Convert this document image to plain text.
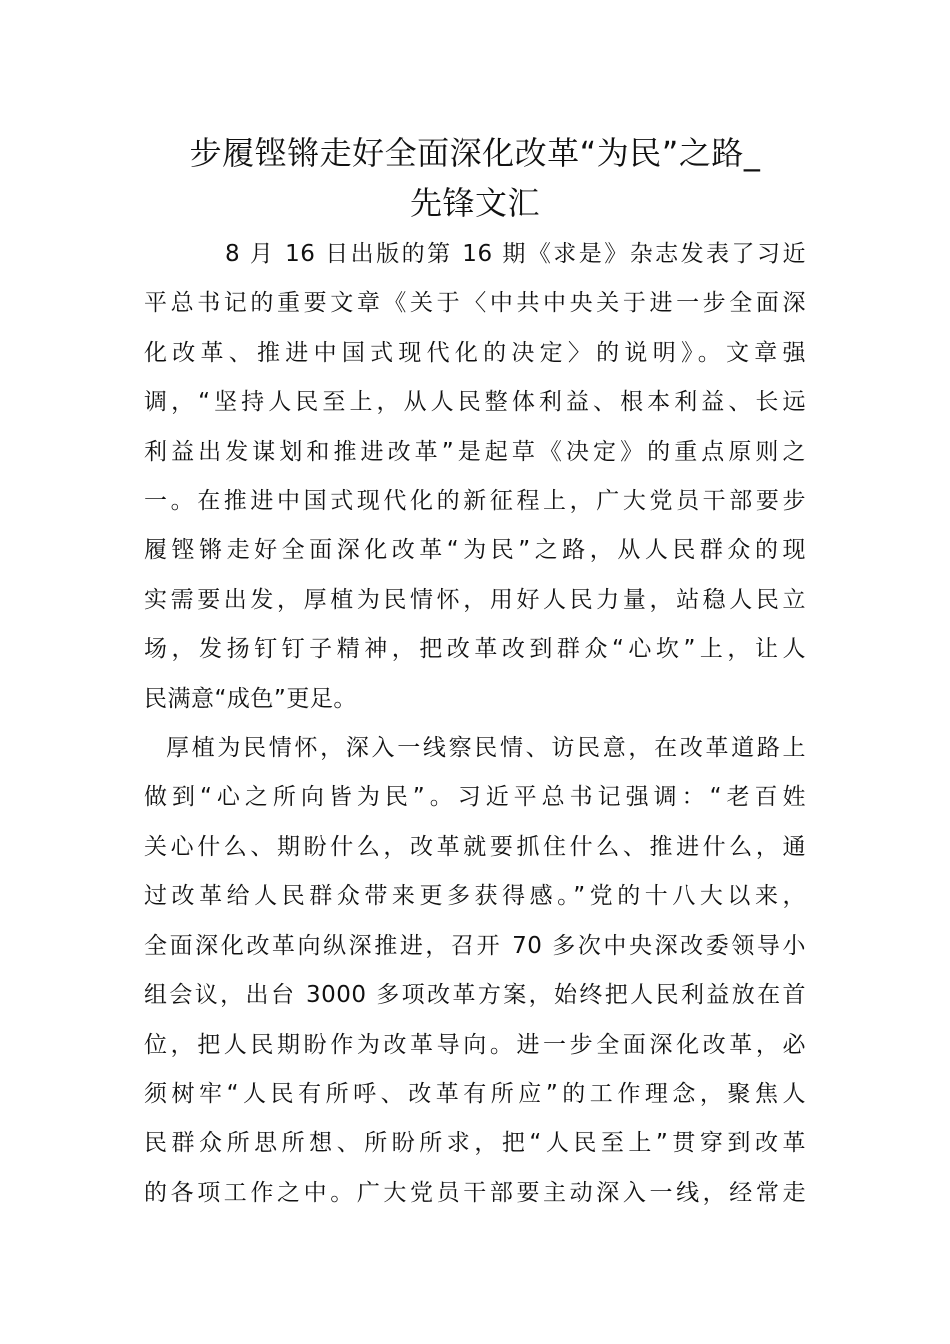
步履铿锵走好全面深化改革“为民”之路_
先锋文汇
8 月 16 日出版的第 16 期《求是》杂志发表了习近
平总书记的重要文章《关于〈中共中央关于进一步全面深
化改革、推进中国式现代化的决定〉的说明》。文章强
调，“坚持人民至上，从人民整体利益、根本利益、长远
利益出发谋划和推进改革”是起草《决定》的重点原则之
一。在推进中国式现代化的新征程上，广大党员干部要步
履铿锵走好全面深化改革“为民”之路，从人民群众的现
实需要出发，厚植为民情怀，用好人民力量，站稳人民立
场，发扬钉钉子精神，把改革改到群众“心坎”上，让人
民满意“成色”更足。
厚植为民情怀，深入一线察民情、访民意，在改革道路上
做到“心之所向皆为民”。习近平总书记强调：“老百姓
关心什么、期盼什么，改革就要抓住什么、推进什么，通
过改革给人民群众带来更多获得感。”党的十八大以来，
全面深化改革向纵深推进，召开 70 多次中央深改委领导小
组会议，出台 3000 多项改革方案，始终把人民利益放在首
位，把人民期盼作为改革导向。进一步全面深化改革，必
须树牢“人民有所呼、改革有所应”的工作理念，聚焦人
民群众所思所想、所盼所求，把“人民至上”贯穿到改革
的各项工作之中。广大党员干部要主动深入一线，经常走
